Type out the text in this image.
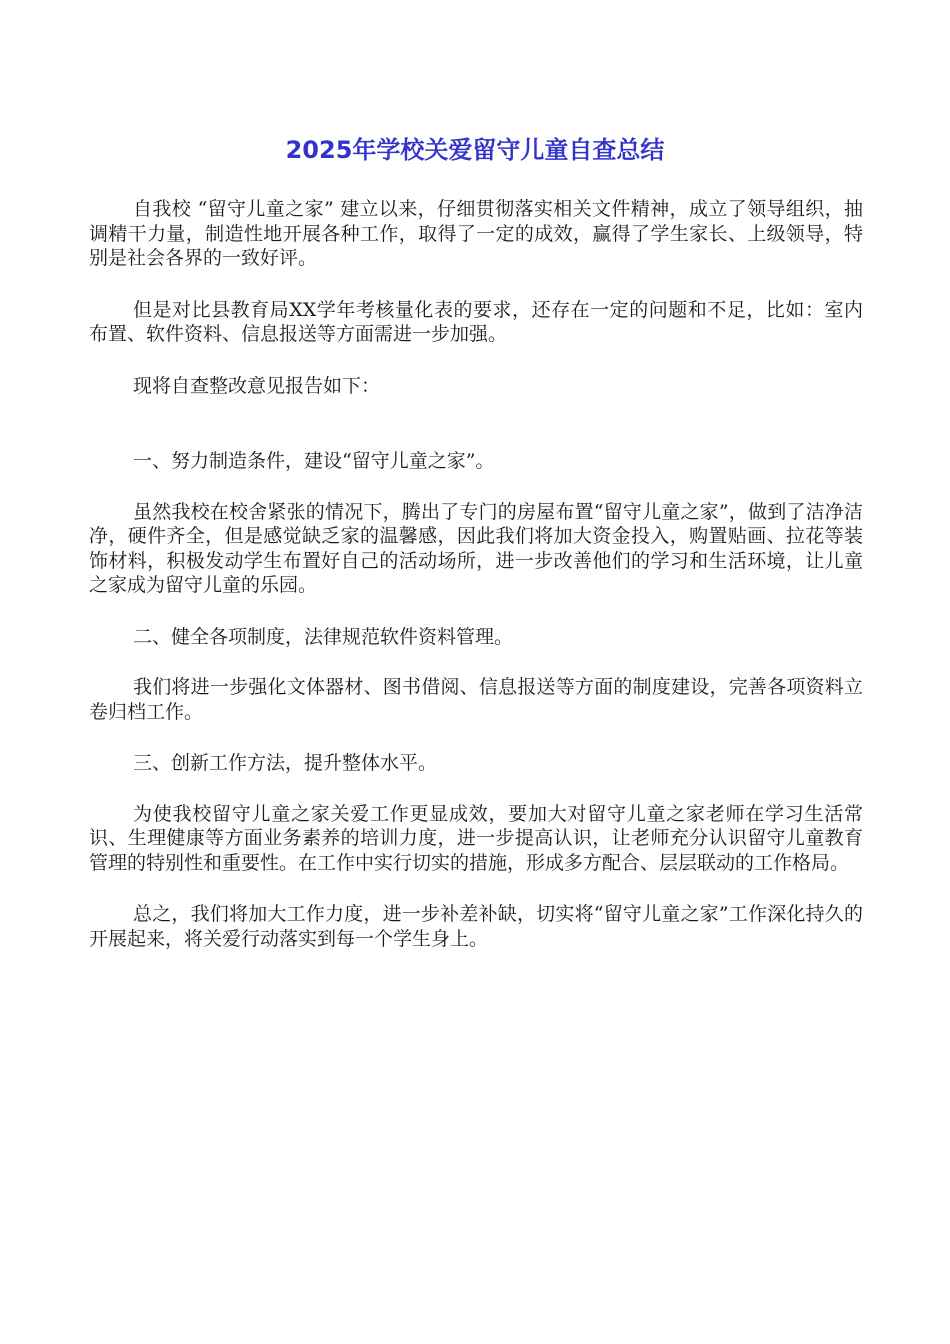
2025年学校关爱留守儿童自查总结

自我校 “留守儿童之家” 建立以来，仔细贯彻落实相关文件精神，成立了领导组织，抽调精干力量，制造性地开展各种工作，取得了一定的成效，赢得了学生家长、上级领导，特别是社会各界的一致好评。

但是对比县教育局XX学年考核量化表的要求，还存在一定的问题和不足，比如：室内布置、软件资料、信息报送等方面需进一步加强。

现将自查整改意见报告如下：

一、努力制造条件，建设“留守儿童之家”。

虽然我校在校舍紧张的情况下，腾出了专门的房屋布置“留守儿童之家”，做到了洁净洁净，硬件齐全，但是感觉缺乏家的温馨感，因此我们将加大资金投入，购置贴画、拉花等装饰材料，积极发动学生布置好自己的活动场所，进一步改善他们的学习和生活环境，让儿童之家成为留守儿童的乐园。

二、健全各项制度，法律规范软件资料管理。

我们将进一步强化文体器材、图书借阅、信息报送等方面的制度建设，完善各项资料立卷归档工作。

三、创新工作方法，提升整体水平。

为使我校留守儿童之家关爱工作更显成效，要加大对留守儿童之家老师在学习生活常识、生理健康等方面业务素养的培训力度，进一步提高认识，让老师充分认识留守儿童教育管理的特别性和重要性。在工作中实行切实的措施，形成多方配合、层层联动的工作格局。

总之，我们将加大工作力度，进一步补差补缺，切实将“留守儿童之家”工作深化持久的开展起来，将关爱行动落实到每一个学生身上。
